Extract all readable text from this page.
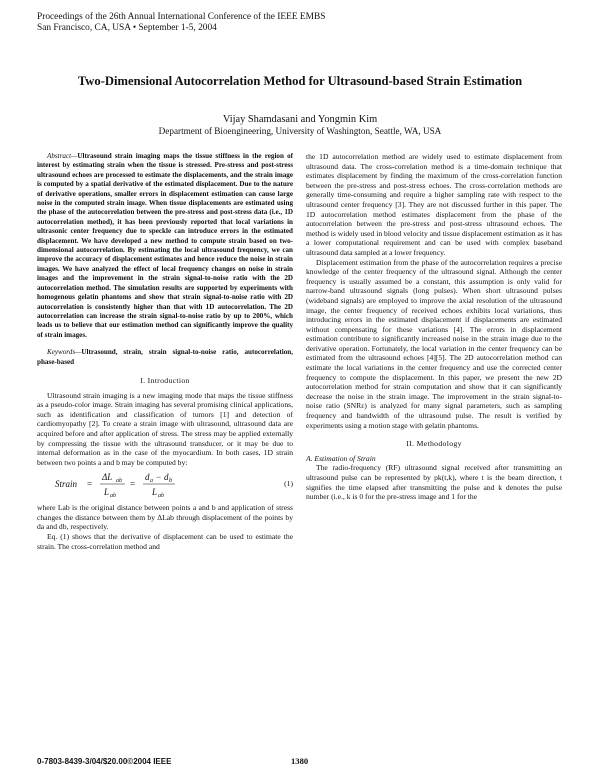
Proceedings of the 26th Annual International Conference of the IEEE EMBS
San Francisco, CA, USA • September 1-5, 2004
Two-Dimensional Autocorrelation Method for Ultrasound-based Strain Estimation
Vijay Shamdasani and Yongmin Kim
Department of Bioengineering, University of Washington, Seattle, WA, USA

Abstract—Ultrasound strain imaging maps the tissue stiffness in the region of interest by estimating strain when the tissue is stressed. Pre-stress and post-stress ultrasound echoes are processed to estimate the displacements, and the strain image is computed by a spatial derivative of the estimated displacement. Due to the nature of derivative operations, smaller errors in displacement estimation can cause large noise in the computed strain image. When tissue displacements are estimated using the phase of the autocorrelation between the pre-stress and post-stress data (i.e., 1D autocorrelation method), it has been previously reported that local variations in ultrasonic center frequency due to speckle can introduce errors in the estimated displacement. We have developed a new method to compute strain based on two-dimensional autocorrelation. By estimating the local ultrasound frequency, we can improve the accuracy of displacement estimates and hence reduce the noise in strain images. We have analyzed the effect of local frequency changes on noise in strain images and the improvement in the strain signal-to-noise ratio with the 2D autocorrelation method. The simulation results are supported by experiments with homogenous gelatin phantoms and show that strain signal-to-noise ratio with 2D autocorrelation is consistently higher than that with 1D autocorrelation. The 2D autocorrelation can increase the strain signal-to-noise ratio by up to 200%, which leads us to believe that our estimation method can significantly improve the quality of strain images.

Keywords—Ultrasound, strain, strain signal-to-noise ratio, autocorrelation, phase-based

I. Introduction

Ultrasound strain imaging is a new imaging mode that maps the tissue stiffness as a pseudo-color image. Strain imaging has several promising clinical applications, such as identification and classification of tumors [1] and detection of cardiomyopathy [2]. To create a strain image with ultrasound, ultrasound data are acquired before and after application of stress. The stress may be applied externally by compressing the tissue with the ultrasound transducer, or it may be due to internal deformation as in the case of the myocardium. In both cases, 1D strain between two points a and b may be computed by:

Strain =
ΔL ab
L ab
=
d a − d b
L ab
(1)

where Lab is the original distance between points a and b and application of stress changes the distance between them by ΔLab through displacement of the points by da and db, respectively.

Eq. (1) shows that the derivative of displacement can be used to estimate the strain. The cross-correlation method and

the 1D autocorrelation method are widely used to estimate displacement from ultrasound data. The cross-correlation method is a time-domain technique that estimates displacement by finding the maximum of the cross-correlation function between the pre-stress and post-stress echoes. The cross-correlation methods are generally time-consuming and require a higher sampling rate with respect to the ultrasound center frequency [3]. They are not discussed further in this paper. The 1D autocorrelation method estimates displacement from the phase of the autocorrelation between the pre-stress and post-stress ultrasound echoes. The method is widely used in blood velocity and tissue displacement estimation as it has a lower computational requirement and can be used with complex baseband ultrasound data sampled at a lower frequency.

Displacement estimation from the phase of the autocorrelation requires a precise knowledge of the center frequency of the ultrasound signal. Although the center frequency is usually assumed be a constant, this assumption is only valid for narrow-band ultrasound signals (long pulses). When short ultrasound pulses (wideband signals) are employed to improve the axial resolution of the ultrasound image, the center frequency of received echoes exhibits local variations, thus introducing errors in the estimated displacement if displacements are estimated without compensating for these variations [4]. The errors in displacement estimation contribute to significantly increased noise in the strain image due to the derivative operation. Fortunately, the local variation in the center frequency can be estimated from the ultrasound echoes [4][5]. The 2D autocorrelation method can estimate the local variations in the center frequency and use the corrected center frequency to compute the displacement. In this paper, we present the new 2D autocorrelation method for strain computation and show that it can significantly decrease the noise in the strain image. The improvement in the strain signal-to-noise ratio (SNRε) is analyzed for many signal parameters, such as sampling frequency and bandwidth of the ultrasound pulse. The result is verified by experiments using a motion stage with gelatin phantoms.

II. Methodology

A. Estimation of Strain

The radio-frequency (RF) ultrasound signal received after transmitting an ultrasound pulse can be represented by pk(t,k), where t is the beam direction, t signifies the time elapsed after transmitting the pulse and k denotes the pulse number (i.e., k is 0 for the pre-stress image and 1 for the

0-7803-8439-3/04/$20.00©2004 IEEE	1380
